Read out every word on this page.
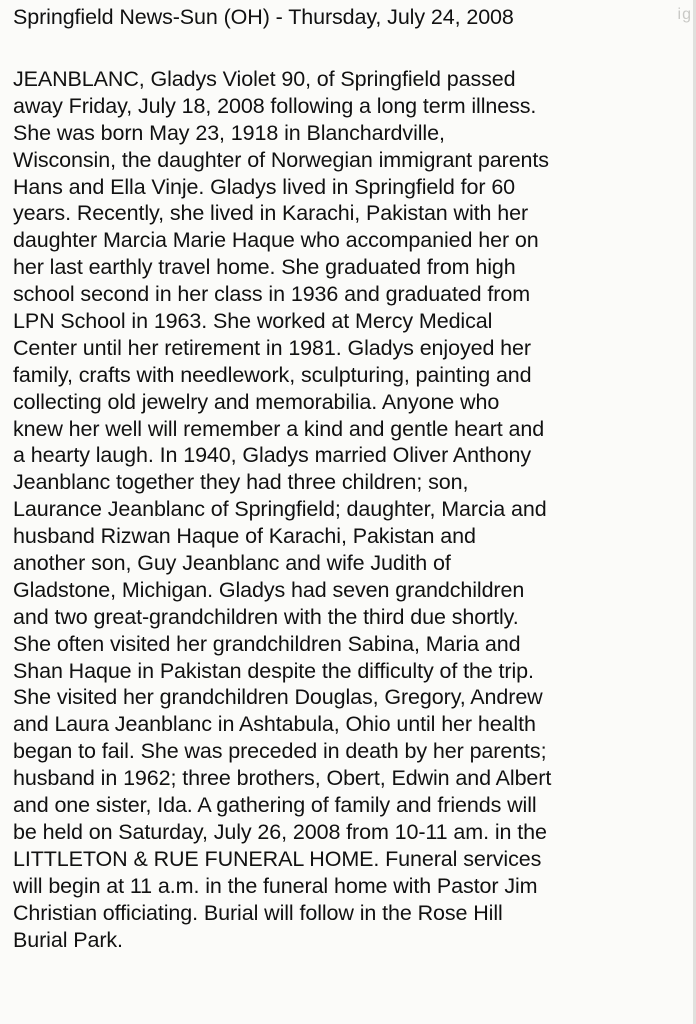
Springfield News-Sun (OH) - Thursday, July 24, 2008	ig
JEANBLANC, Gladys Violet 90, of Springfield passed
away Friday, July 18, 2008 following a long term illness.
She was born May 23, 1918 in Blanchardville,
Wisconsin, the daughter of Norwegian immigrant parents
Hans and Ella Vinje. Gladys lived in Springfield for 60
years. Recently, she lived in Karachi, Pakistan with her
daughter Marcia Marie Haque who accompanied her on
her last earthly travel home. She graduated from high
school second in her class in 1936 and graduated from
LPN School in 1963. She worked at Mercy Medical
Center until her retirement in 1981. Gladys enjoyed her
family, crafts with needlework, sculpturing, painting and
collecting old jewelry and memorabilia. Anyone who
knew her well will remember a kind and gentle heart and
a hearty laugh. In 1940, Gladys married Oliver Anthony
Jeanblanc together they had three children; son,
Laurance Jeanblanc of Springfield; daughter, Marcia and
husband Rizwan Haque of Karachi, Pakistan and
another son, Guy Jeanblanc and wife Judith of
Gladstone, Michigan. Gladys had seven grandchildren
and two great-grandchildren with the third due shortly.
She often visited her grandchildren Sabina, Maria and
Shan Haque in Pakistan despite the difficulty of the trip.
She visited her grandchildren Douglas, Gregory, Andrew
and Laura Jeanblanc in Ashtabula, Ohio until her health
began to fail. She was preceded in death by her parents;
husband in 1962; three brothers, Obert, Edwin and Albert
and one sister, Ida. A gathering of family and friends will
be held on Saturday, July 26, 2008 from 10-11 am. in the
LITTLETON & RUE FUNERAL HOME. Funeral services
will begin at 11 a.m. in the funeral home with Pastor Jim
Christian officiating. Burial will follow in the Rose Hill
Burial Park.
